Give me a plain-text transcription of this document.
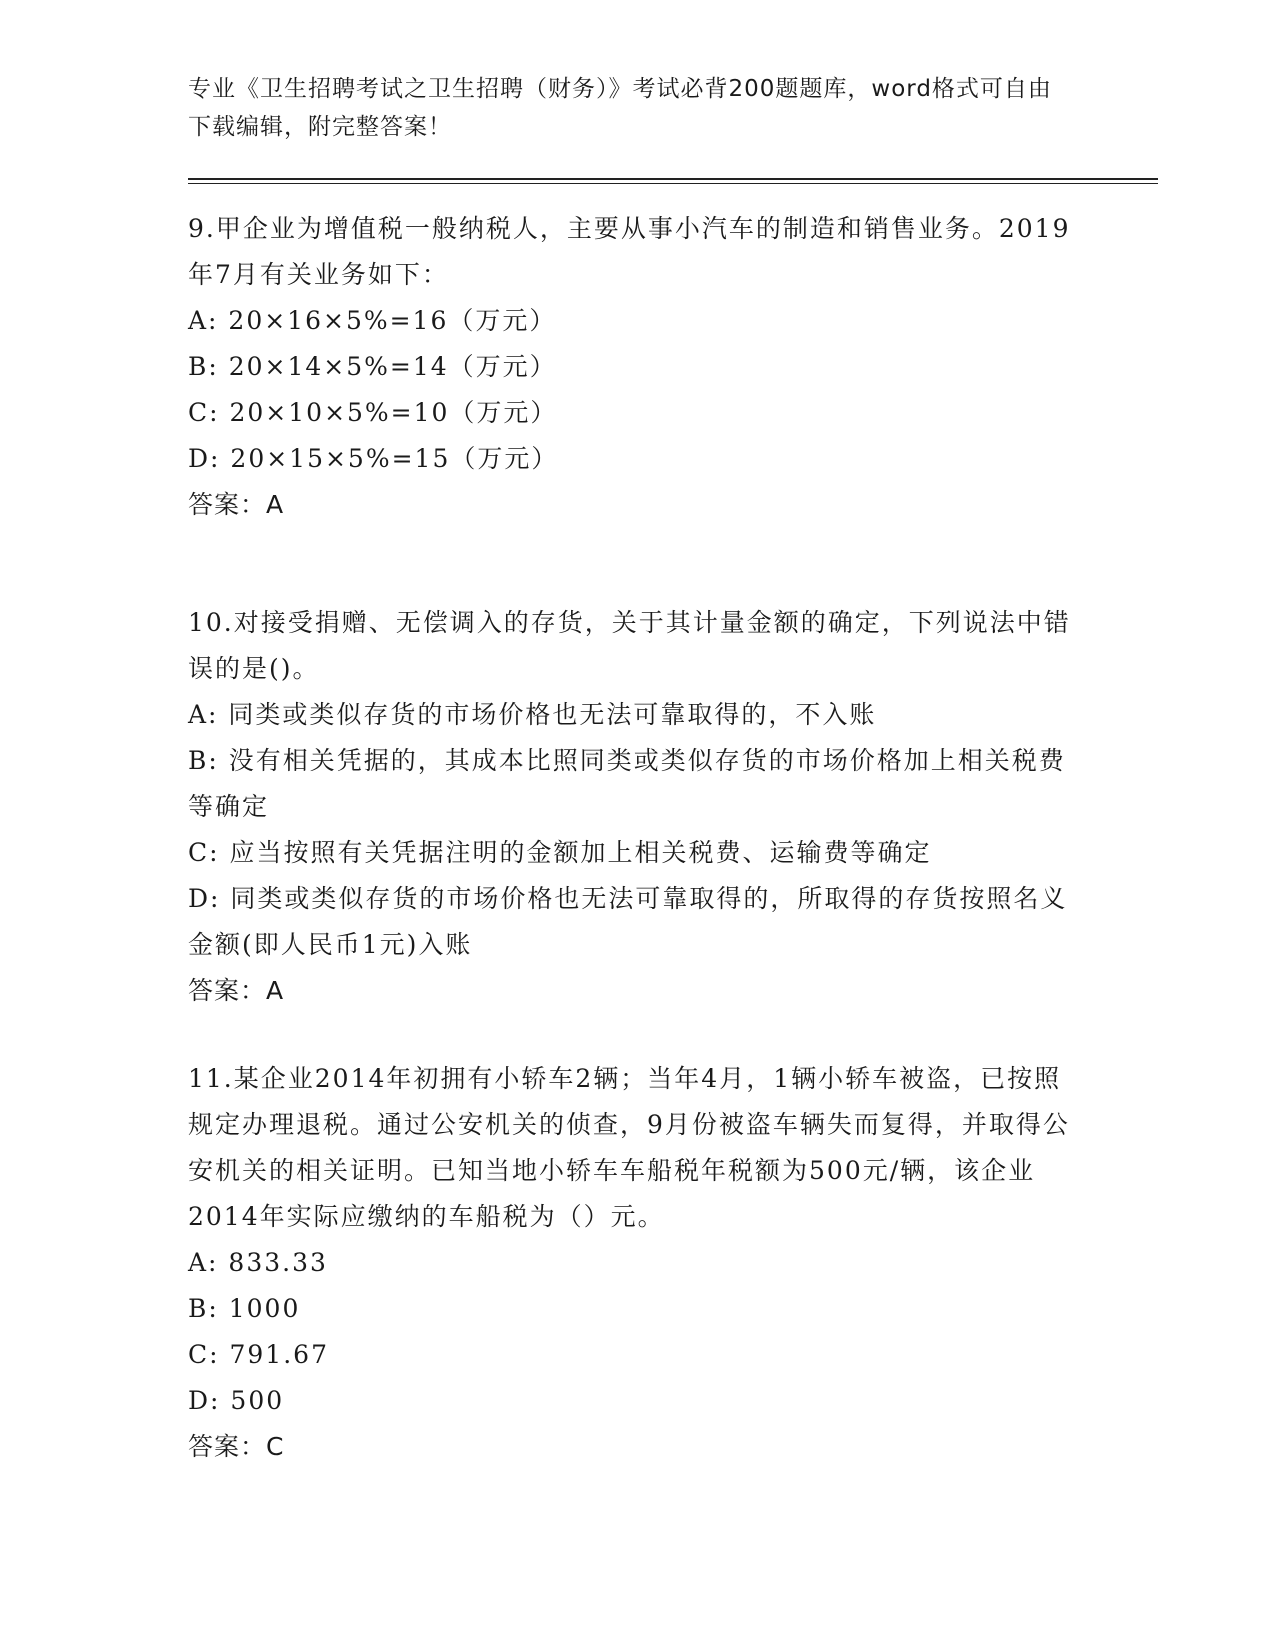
专业《卫生招聘考试之卫生招聘（财务）》考试必背200题题库，word格式可自由下载编辑，附完整答案！

9.甲企业为增值税一般纳税人，主要从事小汽车的制造和销售业务。2019年7月有关业务如下：

A: 20×16×5%=16（万元）

B: 20×14×5%=14（万元）

C: 20×10×5%=10（万元）

D: 20×15×5%=15（万元）

答案：A

10.对接受捐赠、无偿调入的存货，关于其计量金额的确定，下列说法中错误的是()。

A: 同类或类似存货的市场价格也无法可靠取得的，不入账

B: 没有相关凭据的，其成本比照同类或类似存货的市场价格加上相关税费等确定

C: 应当按照有关凭据注明的金额加上相关税费、运输费等确定

D: 同类或类似存货的市场价格也无法可靠取得的，所取得的存货按照名义金额(即人民币1元)入账

答案：A

11.某企业2014年初拥有小轿车2辆；当年4月，1辆小轿车被盗，已按照规定办理退税。通过公安机关的侦查，9月份被盗车辆失而复得，并取得公安机关的相关证明。已知当地小轿车车船税年税额为500元/辆，该企业2014年实际应缴纳的车船税为（）元。

A: 833.33

B: 1000

C: 791.67

D: 500

答案：C
